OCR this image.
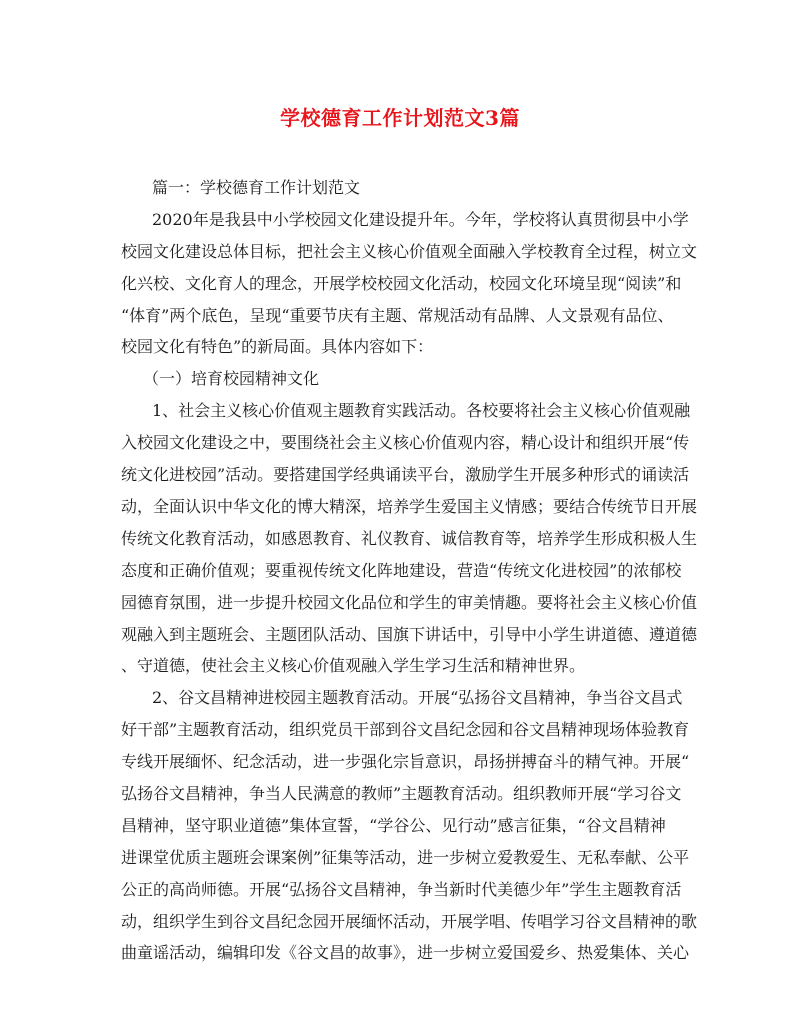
学校德育工作计划范文3篇
篇一：学校德育工作计划范文
2020年是我县中小学校园文化建设提升年。今年，学校将认真贯彻县中小学
校园文化建设总体目标，把社会主义核心价值观全面融入学校教育全过程，树立文
化兴校、文化育人的理念，开展学校校园文化活动，校园文化环境呈现“阅读”和
“体育”两个底色，呈现“重要节庆有主题、常规活动有品牌、人文景观有品位、
校园文化有特色”的新局面。具体内容如下：
（一）培育校园精神文化
1、社会主义核心价值观主题教育实践活动。各校要将社会主义核心价值观融
入校园文化建设之中，要围绕社会主义核心价值观内容，精心设计和组织开展“传
统文化进校园”活动。要搭建国学经典诵读平台，激励学生开展多种形式的诵读活
动，全面认识中华文化的博大精深，培养学生爱国主义情感；要结合传统节日开展
传统文化教育活动，如感恩教育、礼仪教育、诚信教育等，培养学生形成积极人生
态度和正确价值观；要重视传统文化阵地建设，营造“传统文化进校园”的浓郁校
园德育氛围，进一步提升校园文化品位和学生的审美情趣。要将社会主义核心价值
观融入到主题班会、主题团队活动、国旗下讲话中，引导中小学生讲道德、遵道德
、守道德，使社会主义核心价值观融入学生学习生活和精神世界。
2、谷文昌精神进校园主题教育活动。开展“弘扬谷文昌精神，争当谷文昌式
好干部”主题教育活动，组织党员干部到谷文昌纪念园和谷文昌精神现场体验教育
专线开展缅怀、纪念活动，进一步强化宗旨意识，昂扬拼搏奋斗的精气神。开展“
弘扬谷文昌精神，争当人民满意的教师”主题教育活动。组织教师开展“学习谷文
昌精神，坚守职业道德”集体宣誓，“学谷公、见行动”感言征集，“谷文昌精神
进课堂优质主题班会课案例”征集等活动，进一步树立爱教爱生、无私奉献、公平
公正的高尚师德。开展“弘扬谷文昌精神，争当新时代美德少年”学生主题教育活
动，组织学生到谷文昌纪念园开展缅怀活动，开展学唱、传唱学习谷文昌精神的歌
曲童谣活动，编辑印发《谷文昌的故事》，进一步树立爱国爱乡、热爱集体、关心
